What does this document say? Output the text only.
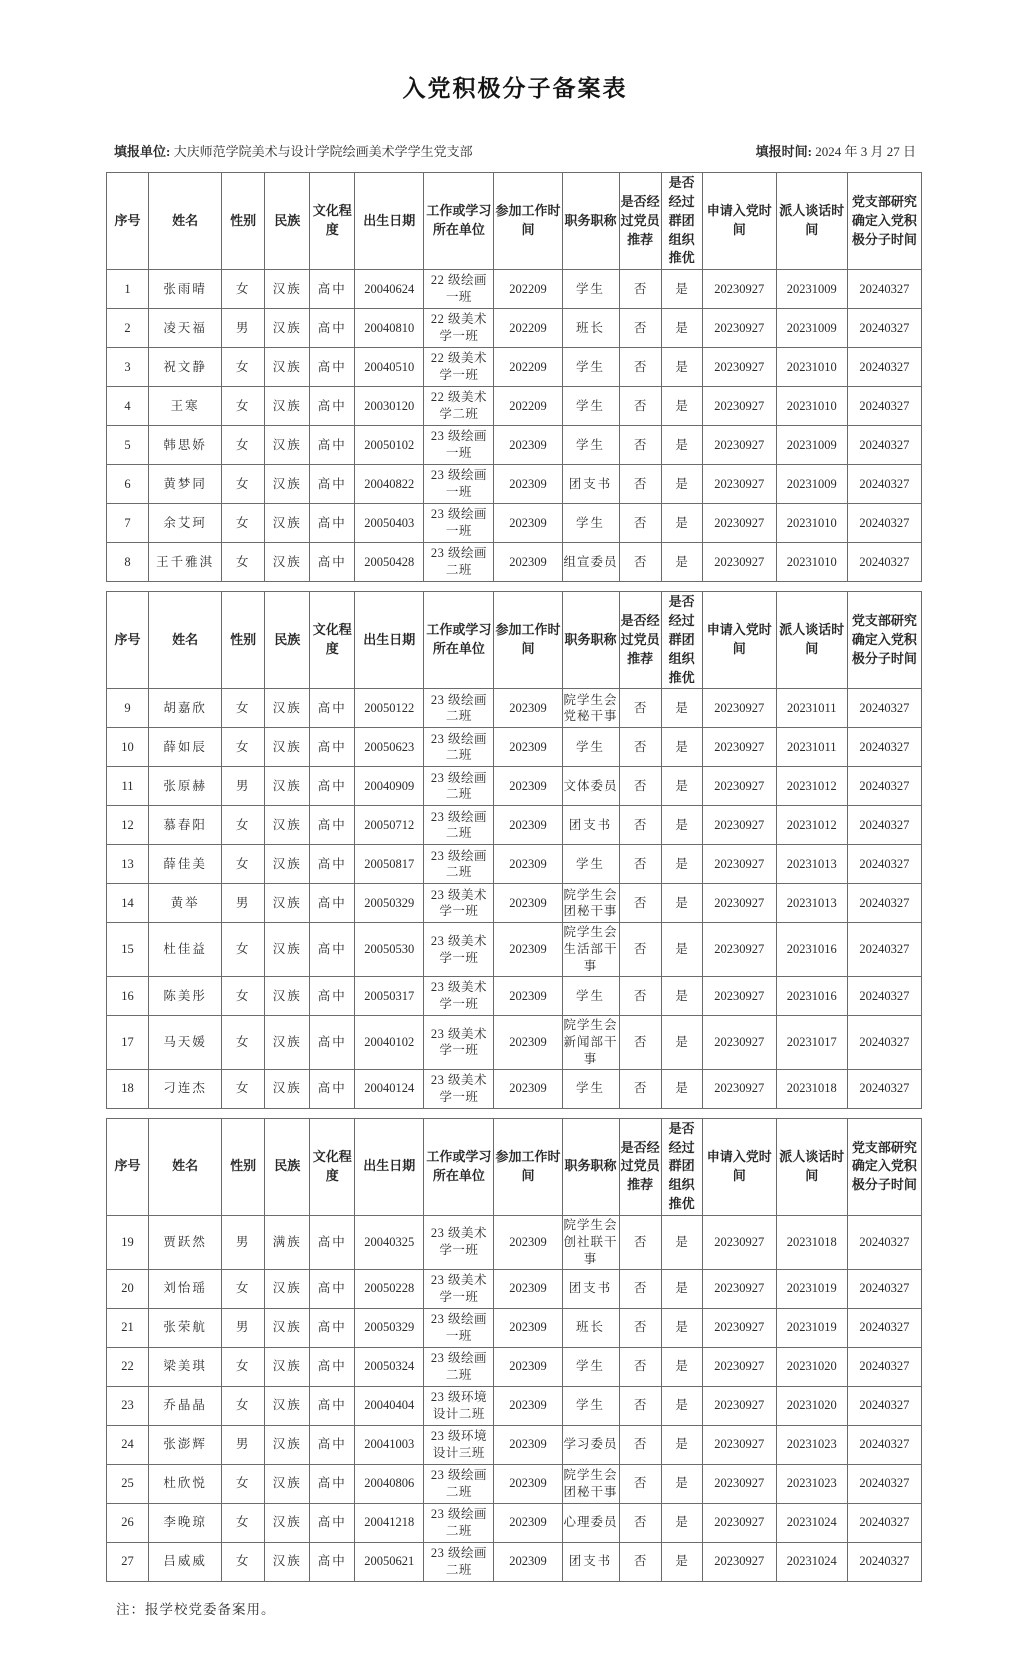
入党积极分子备案表
填报单位: 大庆师范学院美术与设计学院绘画美术学学生党支部	填报时间: 2024 年 3 月 27 日
序号	姓名	性别	民族	文化程度	出生日期	工作或学习所在单位	参加工作时间	职务职称	是否经过党员推荐	是否经过群团组织推优	申请入党时间	派人谈话时间	党支部研究确定入党积极分子时间
1	张雨晴	女	汉族	高中	20040624	22 级绘画一班	202209	学生	否	是	20230927	20231009	20240327
2	凌天福	男	汉族	高中	20040810	22 级美术学一班	202209	班长	否	是	20230927	20231009	20240327
3	祝文静	女	汉族	高中	20040510	22 级美术学一班	202209	学生	否	是	20230927	20231010	20240327
4	王寒	女	汉族	高中	20030120	22 级美术学二班	202209	学生	否	是	20230927	20231010	20240327
5	韩思娇	女	汉族	高中	20050102	23 级绘画一班	202309	学生	否	是	20230927	20231009	20240327
6	黄梦同	女	汉族	高中	20040822	23 级绘画一班	202309	团支书	否	是	20230927	20231009	20240327
7	余艾珂	女	汉族	高中	20050403	23 级绘画一班	202309	学生	否	是	20230927	20231010	20240327
8	王千雅淇	女	汉族	高中	20050428	23 级绘画二班	202309	组宣委员	否	是	20230927	20231010	20240327
序号	姓名	性别	民族	文化程度	出生日期	工作或学习所在单位	参加工作时间	职务职称	是否经过党员推荐	是否经过群团组织推优	申请入党时间	派人谈话时间	党支部研究确定入党积极分子时间
9	胡嘉欣	女	汉族	高中	20050122	23 级绘画二班	202309	院学生会党秘干事	否	是	20230927	20231011	20240327
10	薛如辰	女	汉族	高中	20050623	23 级绘画二班	202309	学生	否	是	20230927	20231011	20240327
11	张原赫	男	汉族	高中	20040909	23 级绘画二班	202309	文体委员	否	是	20230927	20231012	20240327
12	慕春阳	女	汉族	高中	20050712	23 级绘画二班	202309	团支书	否	是	20230927	20231012	20240327
13	薛佳美	女	汉族	高中	20050817	23 级绘画二班	202309	学生	否	是	20230927	20231013	20240327
14	黄举	男	汉族	高中	20050329	23 级美术学一班	202309	院学生会团秘干事	否	是	20230927	20231013	20240327
15	杜佳益	女	汉族	高中	20050530	23 级美术学一班	202309	院学生会生活部干事	否	是	20230927	20231016	20240327
16	陈美彤	女	汉族	高中	20050317	23 级美术学一班	202309	学生	否	是	20230927	20231016	20240327
17	马天媛	女	汉族	高中	20040102	23 级美术学一班	202309	院学生会新闻部干事	否	是	20230927	20231017	20240327
18	刁连杰	女	汉族	高中	20040124	23 级美术学一班	202309	学生	否	是	20230927	20231018	20240327
序号	姓名	性别	民族	文化程度	出生日期	工作或学习所在单位	参加工作时间	职务职称	是否经过党员推荐	是否经过群团组织推优	申请入党时间	派人谈话时间	党支部研究确定入党积极分子时间
19	贾跃然	男	满族	高中	20040325	23 级美术学一班	202309	院学生会创社联干事	否	是	20230927	20231018	20240327
20	刘怡瑶	女	汉族	高中	20050228	23 级美术学一班	202309	团支书	否	是	20230927	20231019	20240327
21	张荣航	男	汉族	高中	20050329	23 级绘画一班	202309	班长	否	是	20230927	20231019	20240327
22	梁美琪	女	汉族	高中	20050324	23 级绘画二班	202309	学生	否	是	20230927	20231020	20240327
23	乔晶晶	女	汉族	高中	20040404	23 级环境设计二班	202309	学生	否	是	20230927	20231020	20240327
24	张澎辉	男	汉族	高中	20041003	23 级环境设计三班	202309	学习委员	否	是	20230927	20231023	20240327
25	杜欣悦	女	汉族	高中	20040806	23 级绘画二班	202309	院学生会团秘干事	否	是	20230927	20231023	20240327
26	李晚琼	女	汉族	高中	20041218	23 级绘画二班	202309	心理委员	否	是	20230927	20231024	20240327
27	吕威威	女	汉族	高中	20050621	23 级绘画二班	202309	团支书	否	是	20230927	20231024	20240327
注：报学校党委备案用。
